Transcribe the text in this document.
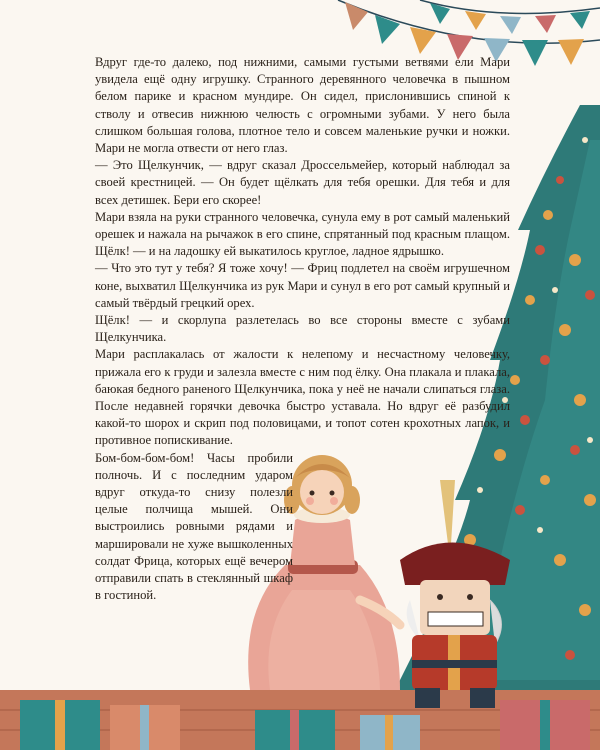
Вдруг где-то далеко, под нижними, самыми густыми ветвями ели Мари увидела ещё одну игрушку. Странного деревянного человечка в пышном белом парике и красном мундире. Он сидел, прислонившись спиной к стволу и отвесив нижнюю челюсть с огромными зубами. У него была слишком большая голова, плотное тело и совсем маленькие ручки и ножки. Мари не могла отвести от него глаз.

— Это Щелкунчик, — вдруг сказал Дроссельмейер, который наблюдал за своей крестницей. — Он будет щёлкать для тебя орешки. Для тебя и для всех детишек. Бери его скорее!

Мари взяла на руки странного человечка, сунула ему в рот самый маленький орешек и нажала на рычажок в его спине, спрятанный под красным плащом. Щёлк! — и на ладошку ей выкатилось круглое, ладное ядрышко.

— Что это тут у тебя? Я тоже хочу! — Фриц подлетел на своём игрушечном коне, выхватил Щелкунчика из рук Мари и сунул в его рот самый крупный и самый твёрдый грецкий орех.

Щёлк! — и скорлупа разлетелась во все стороны вместе с зубами Щелкунчика.

Мари расплакалась от жалости к нелепому и несчастному человечку, прижала его к груди и залезла вместе с ним под ёлку. Она плакала и плакала, баюкая бедного раненого Щелкунчика, пока у неё не начали слипаться глаза. После недавней горячки девочка быстро уставала. Но вдруг её разбудил какой-то шорох и скрип под половицами, и топот сотен крохотных лапок, и противное попискивание.

Бом-бом-бом-бом! Часы пробили полночь. И с последним ударом вдруг откуда-то снизу полезли целые полчища мышей. Они выстроились ровными рядами и маршировали не хуже вышколенных солдат Фрица, которых ещё вечером отправили спать в стеклянный шкаф в гостиной.
